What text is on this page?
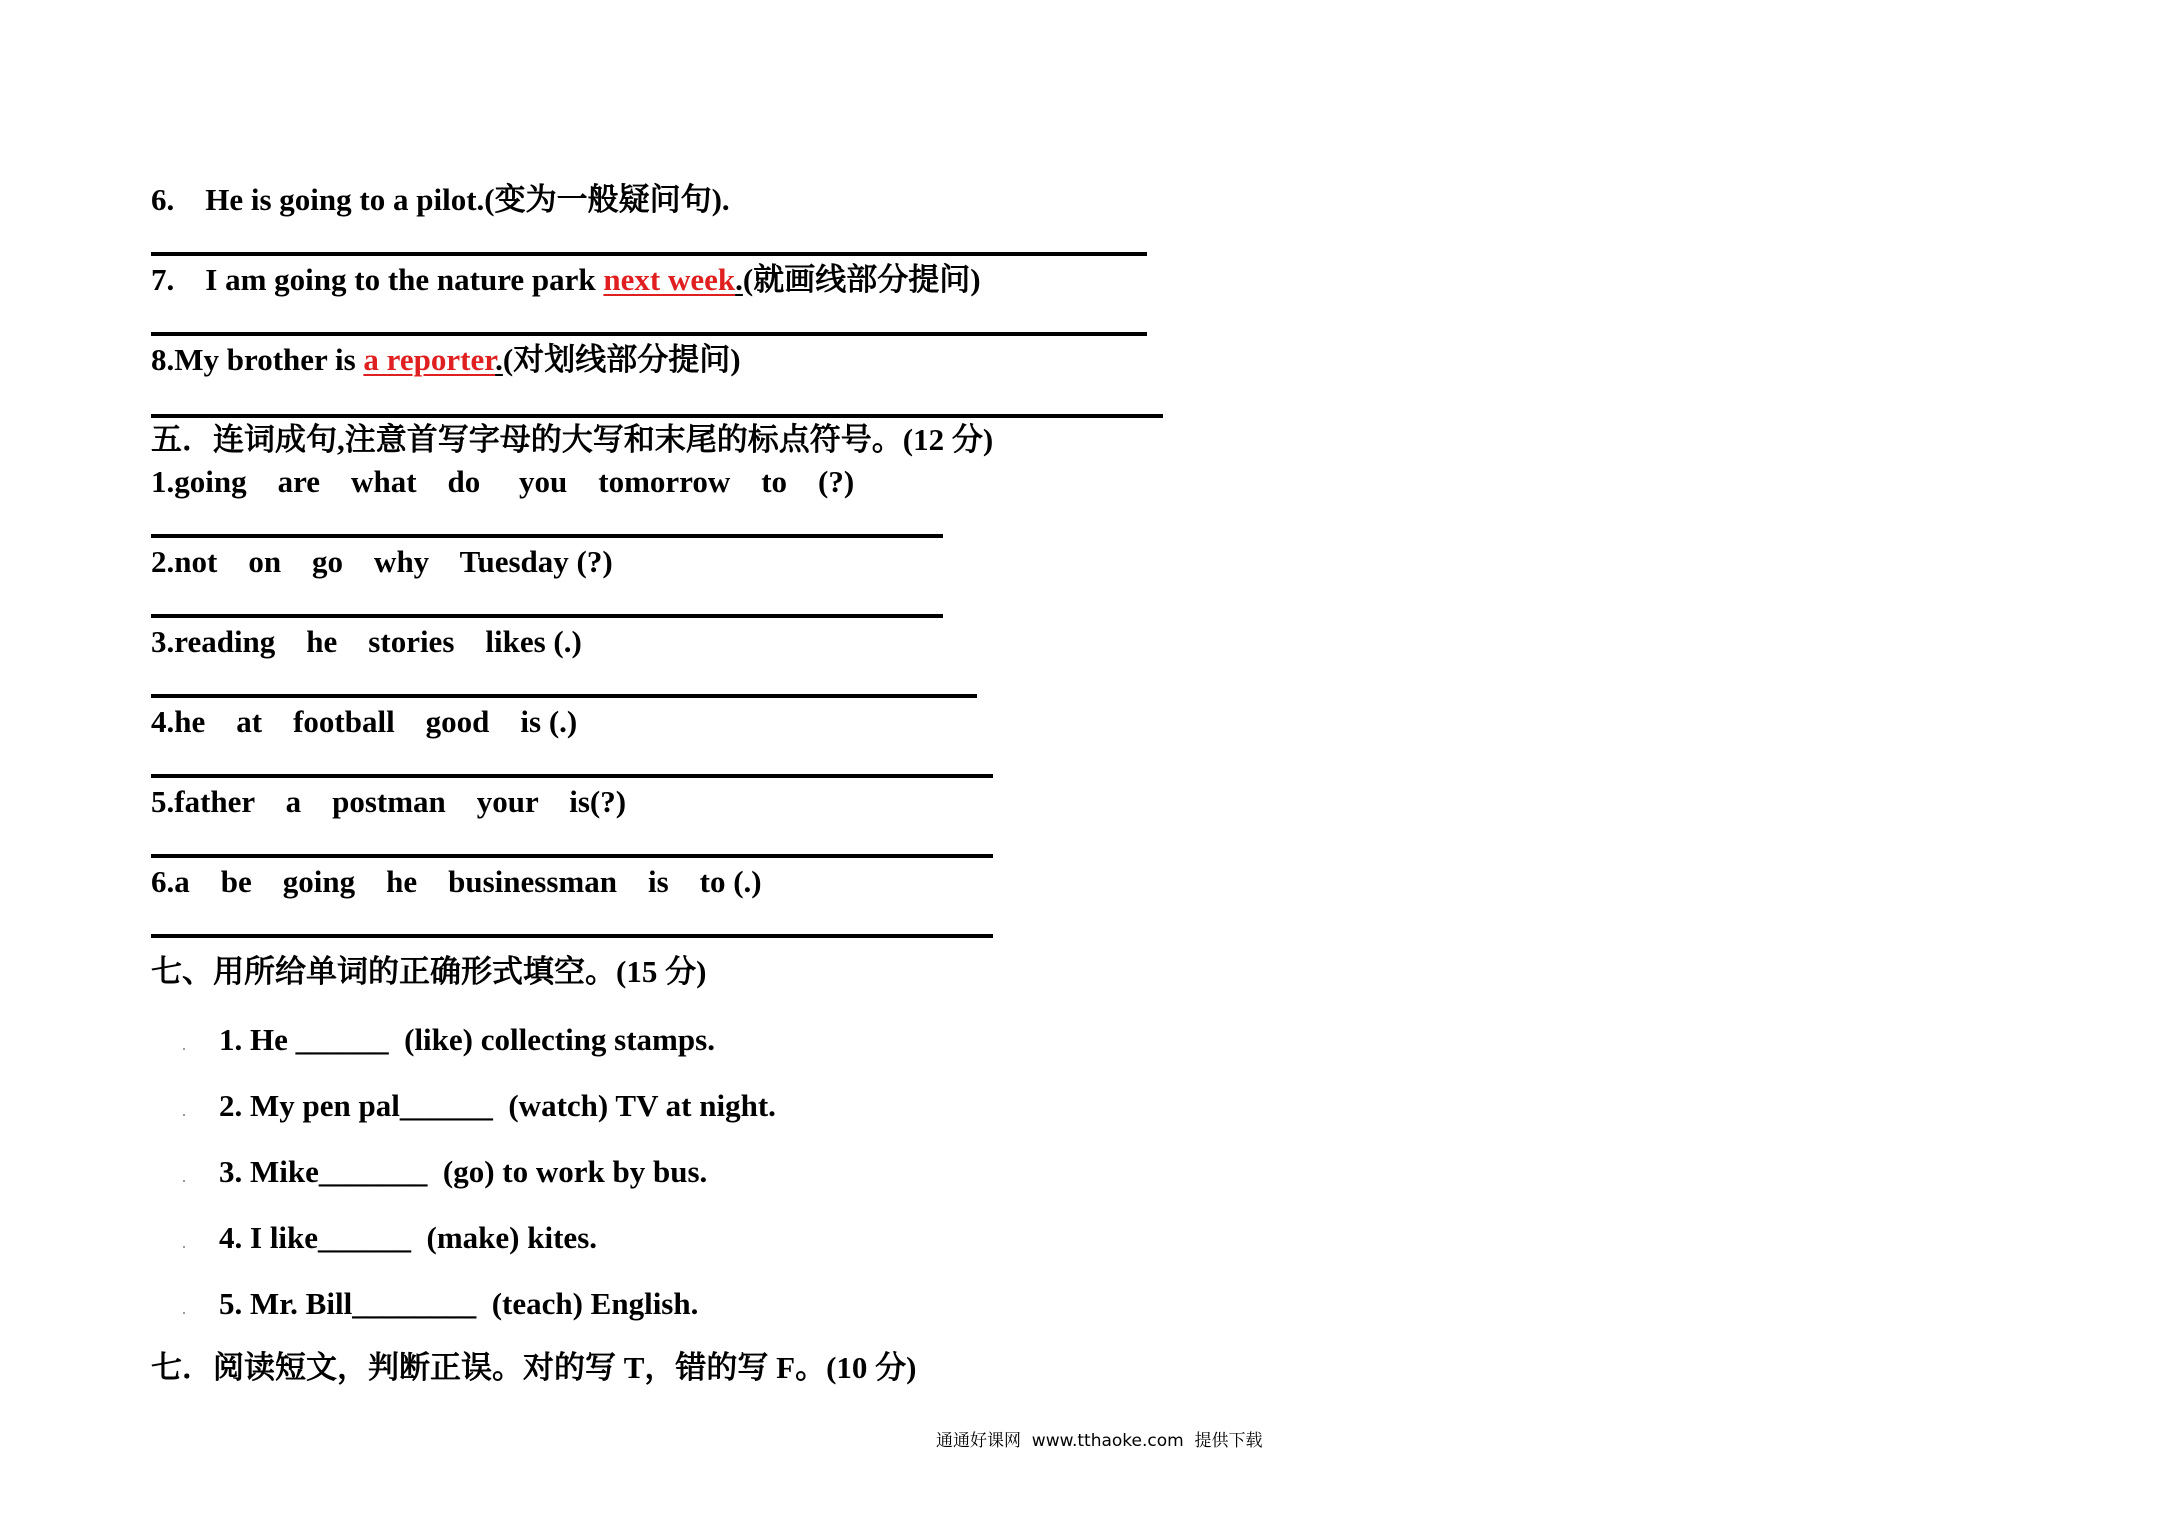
6.    He is going to a pilot.(变为一般疑问句).
7.    I am going to the nature park next week.(就画线部分提问)
8.My brother is a reporter.(对划线部分提问)
五．连词成句,注意首写字母的大写和末尾的标点符号。(12 分)
1.going    are    what    do     you    tomorrow    to    (?)
2.not    on    go    why    Tuesday (?)
3.reading    he    stories    likes (.)
4.he    at    football    good    is (.)
5.father    a    postman    your    is(?)
6.a    be    going    he    businessman    is    to (.)
七、用所给单词的正确形式填空。(15 分)
1. He ______  (like) collecting stamps.
2. My pen pal______  (watch) TV at night.
3. Mike_______  (go) to work by bus.
4. I like______  (make) kites.
5. Mr. Bill________  (teach) English.
七．阅读短文，判断正误。对的写 T，错的写 F。(10 分)
通通好课网  www.tthaoke.com  提供下载
